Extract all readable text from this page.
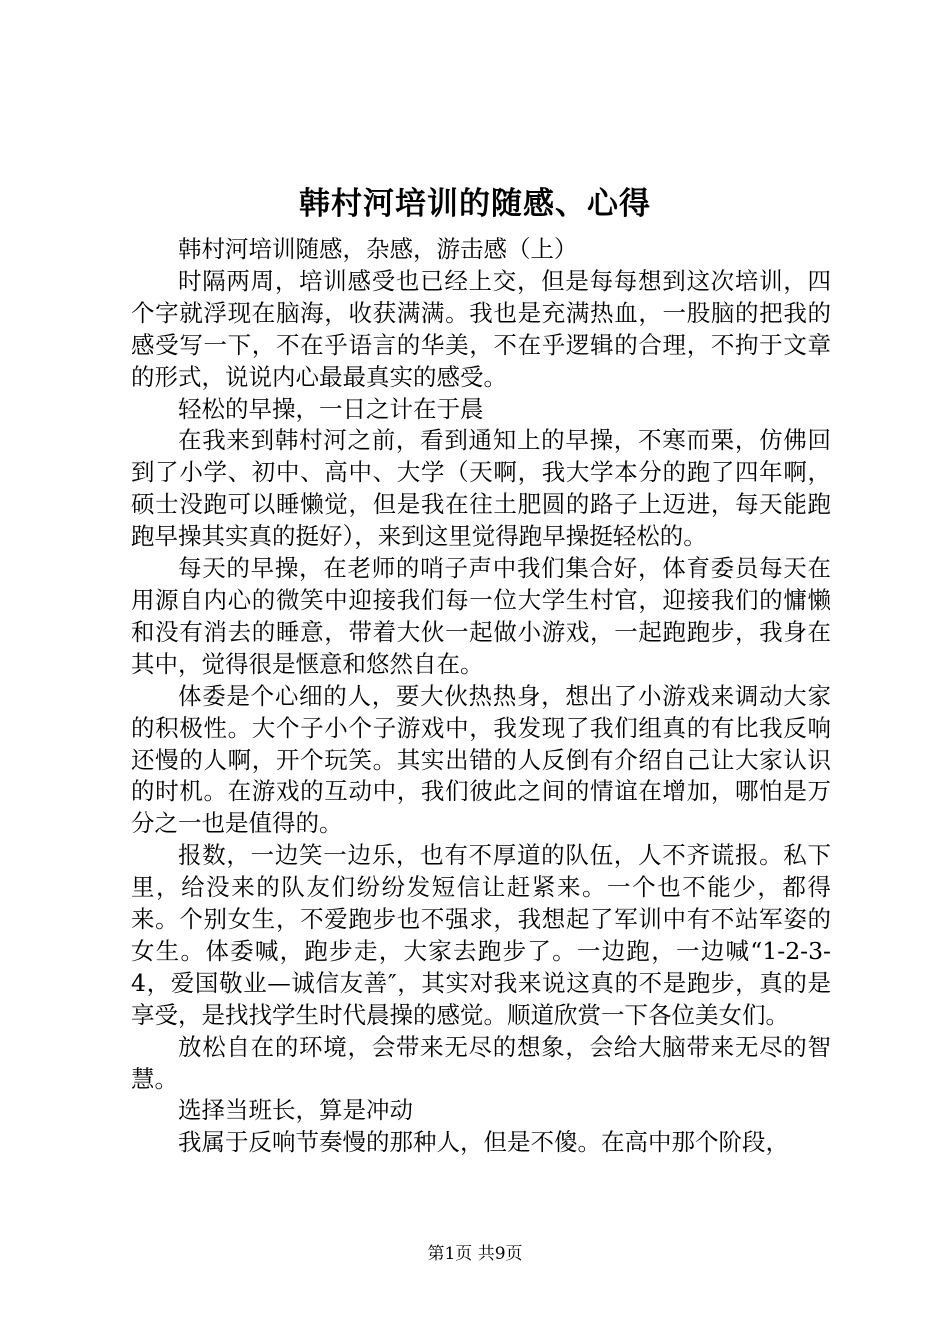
韩村河培训的随感、心得

韩村河培训随感，杂感，游击感（上）

时隔两周，培训感受也已经上交，但是每每想到这次培训，四个字就浮现在脑海，收获满满。我也是充满热血，一股脑的把我的感受写一下，不在乎语言的华美，不在乎逻辑的合理，不拘于文章的形式，说说内心最最真实的感受。

轻松的早操，一日之计在于晨

在我来到韩村河之前，看到通知上的早操，不寒而栗，仿佛回到了小学、初中、高中、大学（天啊，我大学本分的跑了四年啊，硕士没跑可以睡懒觉，但是我在往土肥圆的路子上迈进，每天能跑跑早操其实真的挺好），来到这里觉得跑早操挺轻松的。

每天的早操，在老师的哨子声中我们集合好，体育委员每天在用源自内心的微笑中迎接我们每一位大学生村官，迎接我们的慵懒和没有消去的睡意，带着大伙一起做小游戏，一起跑跑步，我身在其中，觉得很是惬意和悠然自在。

体委是个心细的人，要大伙热热身，想出了小游戏来调动大家的积极性。大个子小个子游戏中，我发现了我们组真的有比我反响还慢的人啊，开个玩笑。其实出错的人反倒有介绍自己让大家认识的时机。在游戏的互动中，我们彼此之间的情谊在增加，哪怕是万分之一也是值得的。

报数，一边笑一边乐，也有不厚道的队伍，人不齐谎报。私下里，给没来的队友们纷纷发短信让赶紧来。一个也不能少，都得来。个别女生，不爱跑步也不强求，我想起了军训中有不站军姿的女生。体委喊，跑步走，大家去跑步了。一边跑，一边喊“1-2-3-4，爱国敬业—诚信友善″，其实对我来说这真的不是跑步，真的是享受，是找找学生时代晨操的感觉。顺道欣赏一下各位美女们。

放松自在的环境，会带来无尽的想象，会给大脑带来无尽的智慧。

选择当班长，算是冲动

我属于反响节奏慢的那种人，但是不傻。在高中那个阶段，

第1页 共9页
